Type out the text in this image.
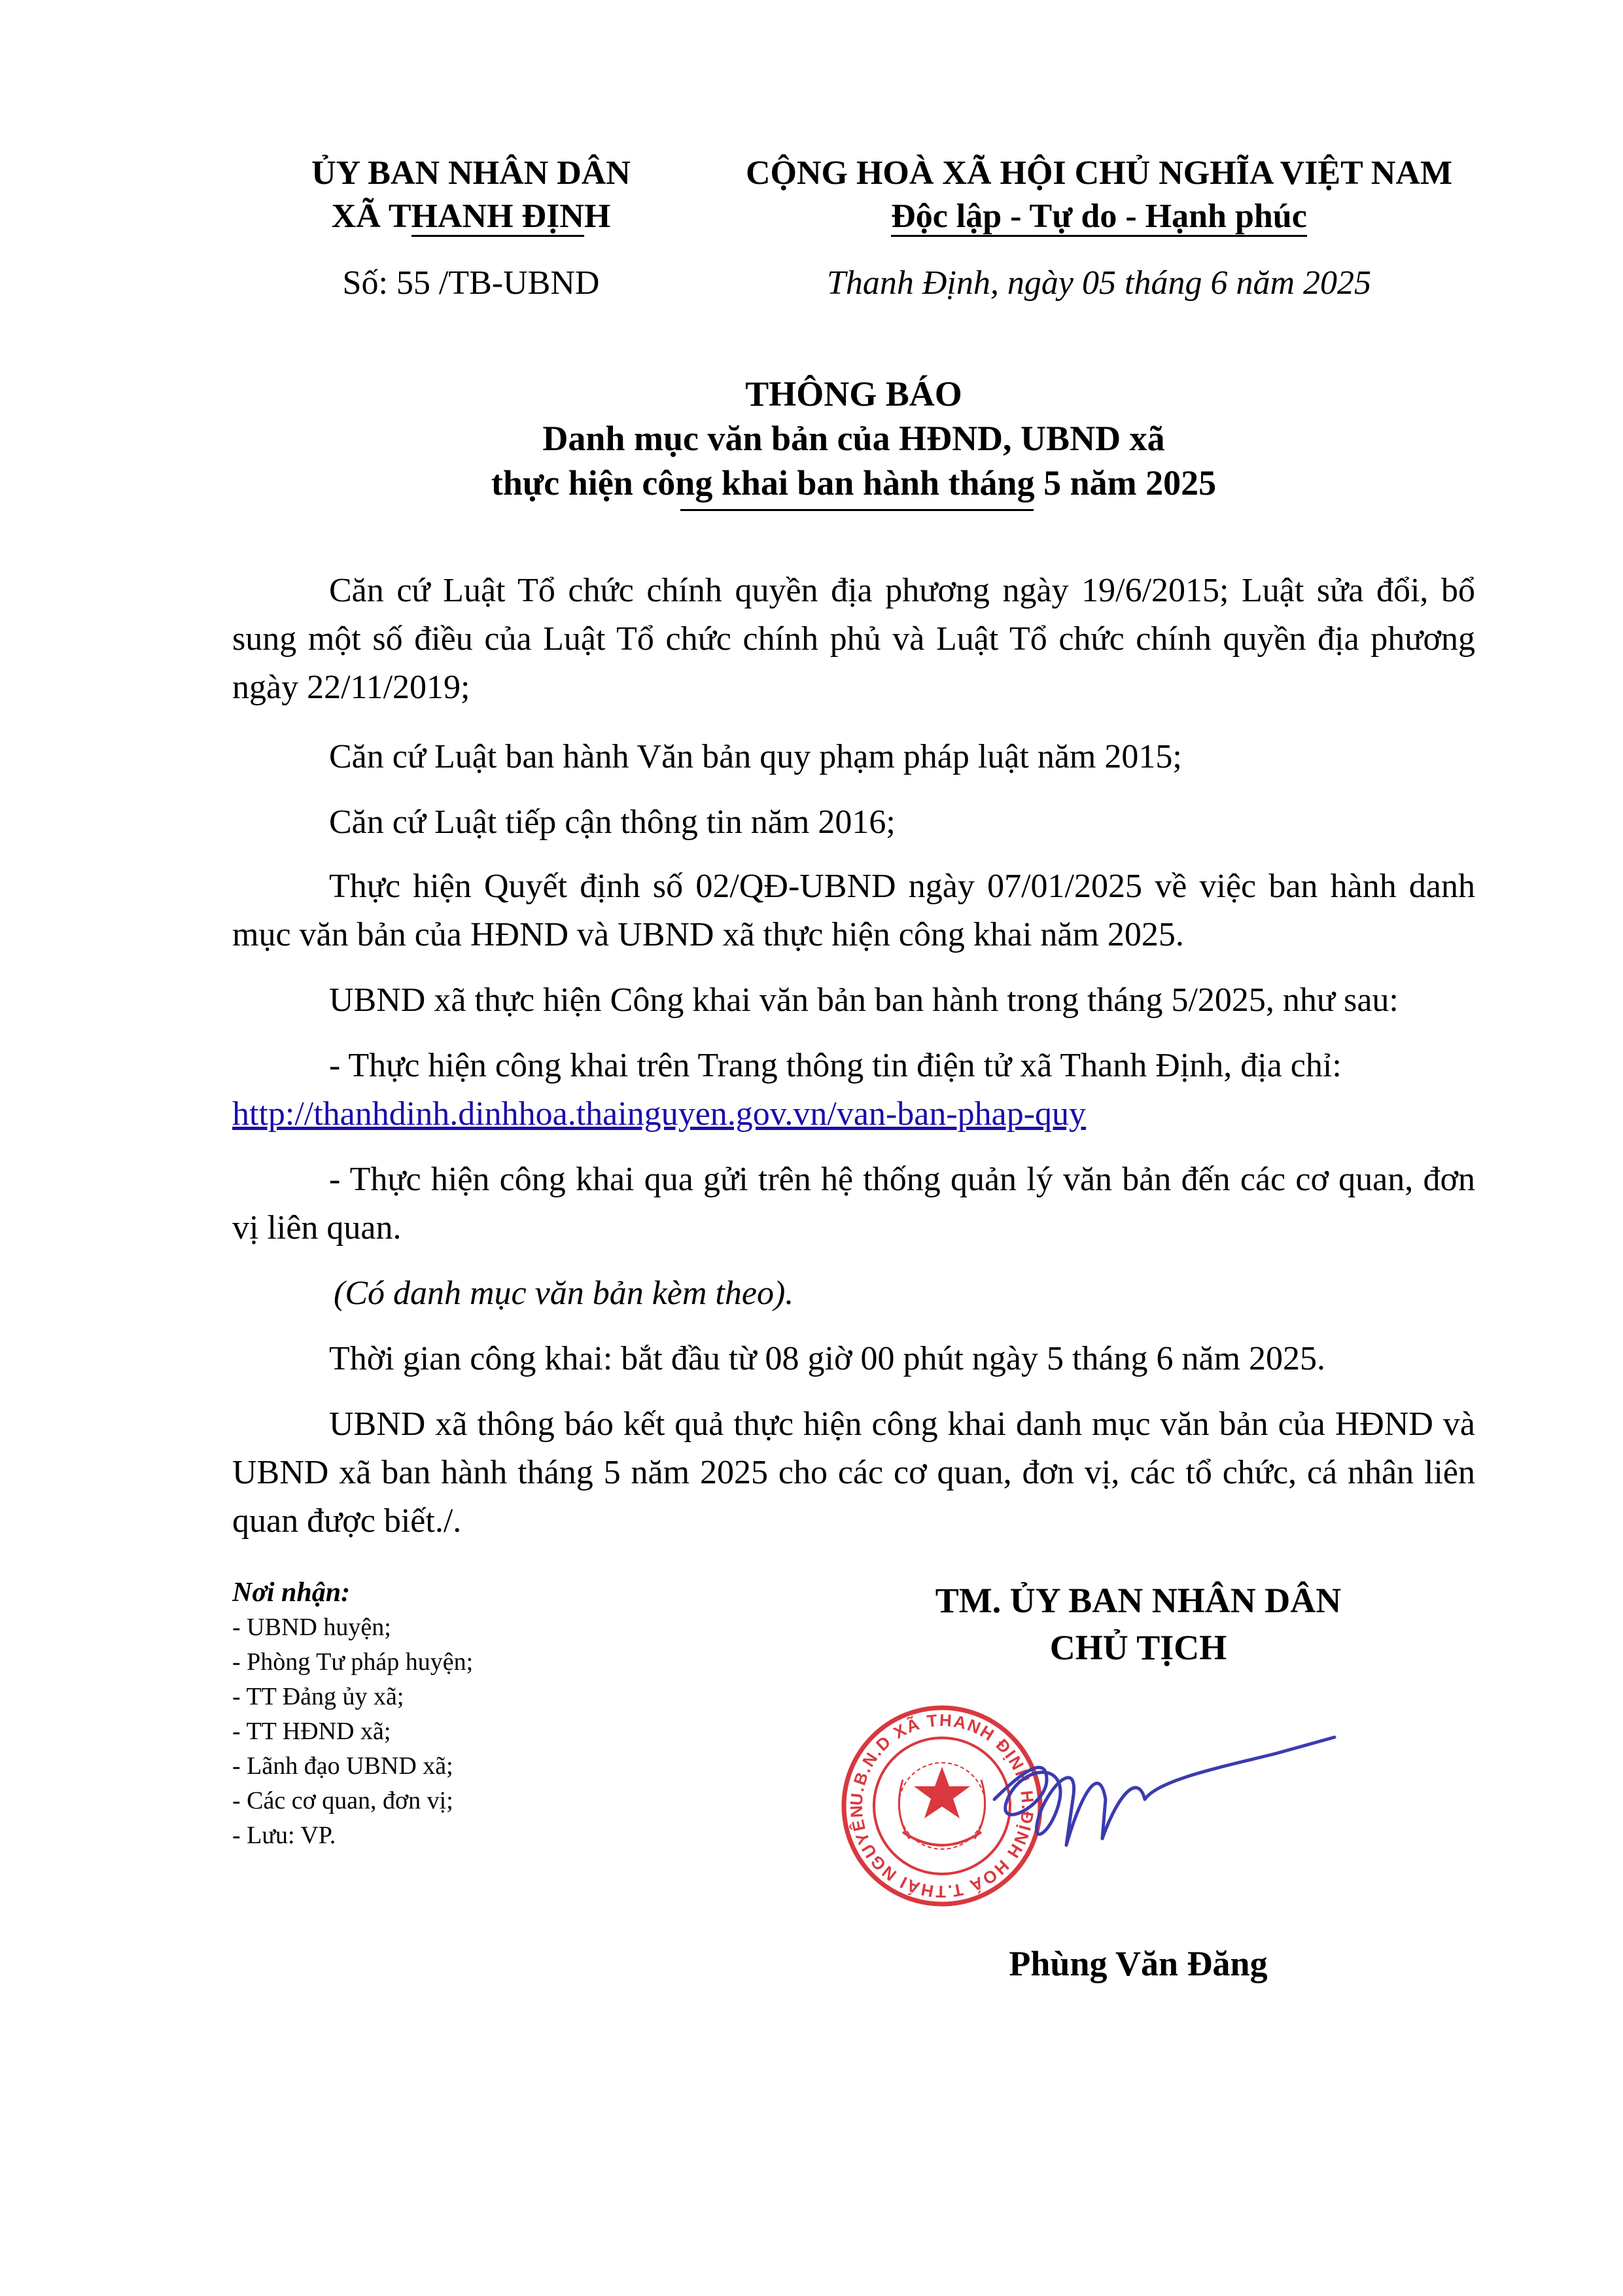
ỦY BAN NHÂN DÂN
XÃ THANH ĐỊNH
Số: 55 /TB-UBND
CỘNG HOÀ XÃ HỘI CHỦ NGHĨA VIỆT NAM
Độc lập - Tự do - Hạnh phúc
Thanh Định, ngày 05 tháng 6 năm 2025
THÔNG BÁO
Danh mục văn bản của HĐND, UBND xã
thực hiện công khai ban hành tháng 5 năm 2025
Căn cứ Luật Tổ chức chính quyền địa phương ngày 19/6/2015; Luật sửa đổi, bổ sung một số điều của Luật Tổ chức chính phủ và Luật Tổ chức chính quyền địa phương ngày 22/11/2019;
Căn cứ Luật ban hành Văn bản quy phạm pháp luật năm 2015;
Căn cứ Luật tiếp cận thông tin năm 2016;
Thực hiện Quyết định số 02/QĐ-UBND ngày 07/01/2025 về việc ban hành danh mục văn bản của HĐND và UBND xã thực hiện công khai năm 2025.
UBND xã thực hiện Công khai văn bản ban hành trong tháng 5/2025, như sau:
- Thực hiện công khai trên Trang thông tin điện tử xã Thanh Định, địa chỉ:
http://thanhdinh.dinhhoa.thainguyen.gov.vn/van-ban-phap-quy
- Thực hiện công khai qua gửi trên hệ thống quản lý văn bản đến các cơ quan, đơn vị liên quan.
(Có danh mục văn bản kèm theo).
Thời gian công khai: bắt đầu từ 08 giờ 00 phút ngày 5 tháng 6 năm 2025.
UBND xã thông báo kết quả thực hiện công khai danh mục văn bản của HĐND và UBND xã ban hành tháng 5 năm 2025 cho các cơ quan, đơn vị, các tổ chức, cá nhân liên quan được biết./.
Nơi nhận:
- UBND huyện;
- Phòng Tư pháp huyện;
- TT Đảng ủy xã;
- TT HĐND xã;
- Lãnh đạo UBND xã;
- Các cơ quan, đơn vị;
- Lưu: VP.
TM. ỦY BAN NHÂN DÂN
CHỦ TỊCH
U.B.N.D XÃ THANH ĐỊNH H.ĐỊNH HOÁ T.THÁI NGUYÊN
Phùng Văn Đăng
